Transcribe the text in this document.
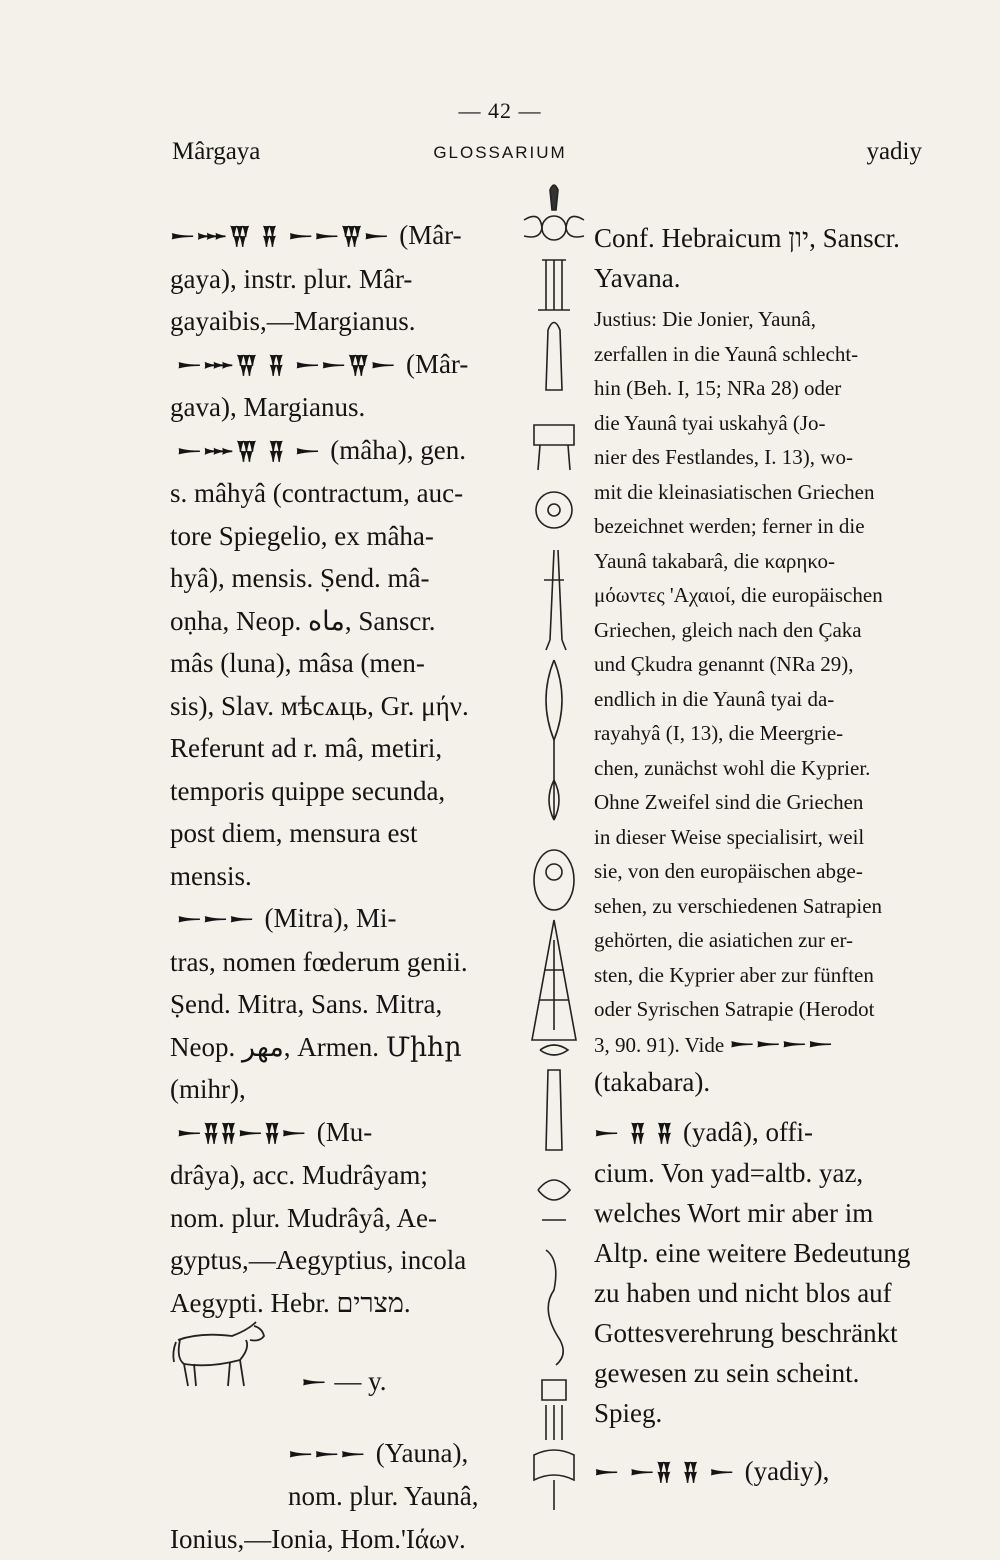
— 42 —
Mârgaya	GLOSSARIUM	yadiy

𒀸𒐁𒐊 𒐉 𒀸𒀸𒐊𒀸 (Mâr-
gaya), instr. plur. Mâr-
gayaibis,—Margianus.

𒀸𒐁𒐊 𒐉 𒀸𒀸𒐊𒀸 (Mâr-
gava), Margianus.

𒀸𒐁𒐊 𒐉 𒀸 (mâha), gen.
s. mâhyâ (contractum, auc-
tore Spiegelio, ex mâha-
hyâ), mensis. Ṣend. mâ-
oṇha, Neop. ماه, Sanscr.
mâs (luna), mâsa (men-
sis), Slav. мѣсѧць, Gr. μήν.
Referunt ad r. mâ, metiri,
temporis quippe secunda,
post diem, mensura est
mensis.

𒀸𒀸𒀸 (Mitra), Mi-
tras, nomen fœderum genii.
Ṣend. Mitra, Sans. Mitra,
Neop. مهر, Armen. Միհր
(mihr),

𒀸𒐉𒐉𒀸𒐉𒀸 (Mu-
drâya), acc. Mudrâyam;
nom. plur. Mudrâyâ, Ae-
gyptus,—Aegyptius, incola
Aegypti. Hebr. מצרים.

𒀸 — y.

𒀸𒀸𒀸 (Yauna),
nom. plur. Yaunâ,
Ionius,—Ionia, Hom.'Iάων.

Conf. Hebraicum יון, Sanscr.
Yavana.

Justius: Die Jonier, Yaunâ,
zerfallen in die Yaunâ schlecht-
hin (Beh. I, 15; NRa 28) oder
die Yaunâ tyai uskahyâ (Jo-
nier des Festlandes, I. 13), wo-
mit die kleinasiatischen Griechen
bezeichnet werden; ferner in die
Yaunâ takabarâ, die καρηκο-
μόωντες 'Aχαιοί, die europäischen
Griechen, gleich nach den Çaka
und Çkudra genannt (NRa 29),
endlich in die Yaunâ tyai da-
rayahyâ (I, 13), die Meergrie-
chen, zunächst wohl die Kyprier.
Ohne Zweifel sind die Griechen
in dieser Weise specialisirt, weil
sie, von den europäischen abge-
sehen, zu verschiedenen Satrapien
gehörten, die asiatichen zur er-
sten, die Kyprier aber zur fünften
oder Syrischen Satrapie (Herodot
3, 90. 91). Vide 𒀸𒀸𒀸𒀸

(takabara).

𒀸 𒐉 𒐉 (yadâ), offi-
cium. Von yad=altb. yaz,
welches Wort mir aber im
Altp. eine weitere Bedeutung
zu haben und nicht blos auf
Gottesverehrung beschränkt
gewesen zu sein scheint.
Spieg.

𒀸 𒀸𒐉 𒐉 𒀸 (yadiy),
